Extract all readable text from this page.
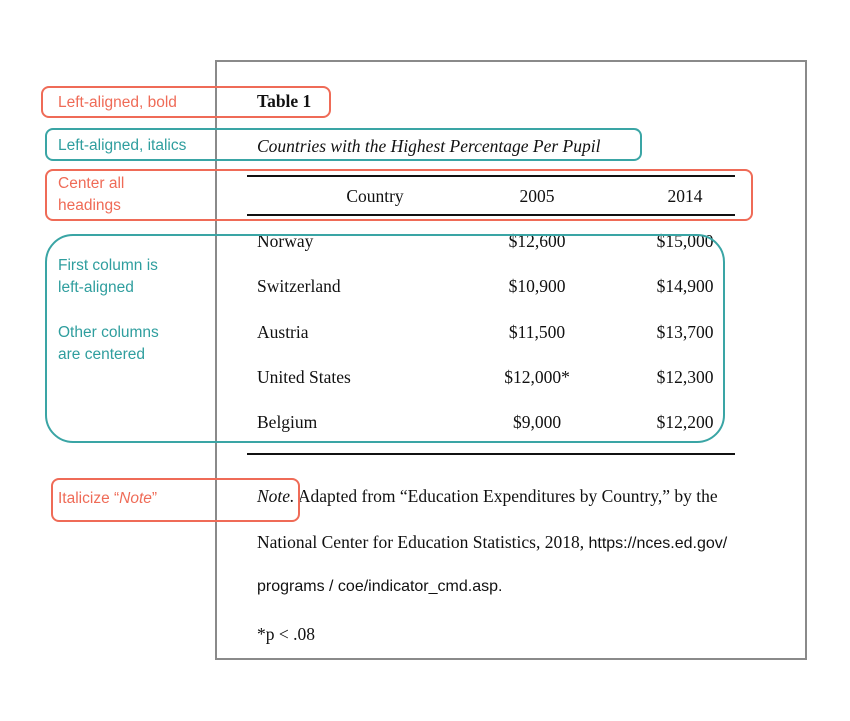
Table 1
Countries with the Highest Percentage Per Pupil
Country	2005	2014
Norway	$12,600	$15,000
Switzerland	$10,900	$14,900
Austria	$11,500	$13,700
United States	$12,000*	$12,300
Belgium	$9,000	$12,200
Note. Adapted from “Education Expenditures by Country,” by the
National Center for Education Statistics, 2018, https://nces.ed.gov/
programs / coe/indicator_cmd.asp.
*p < .08
Left-aligned, bold
Left-aligned, italics
Center all
headings
First column is
left-aligned
Other columns
are centered
Italicize “Note”
